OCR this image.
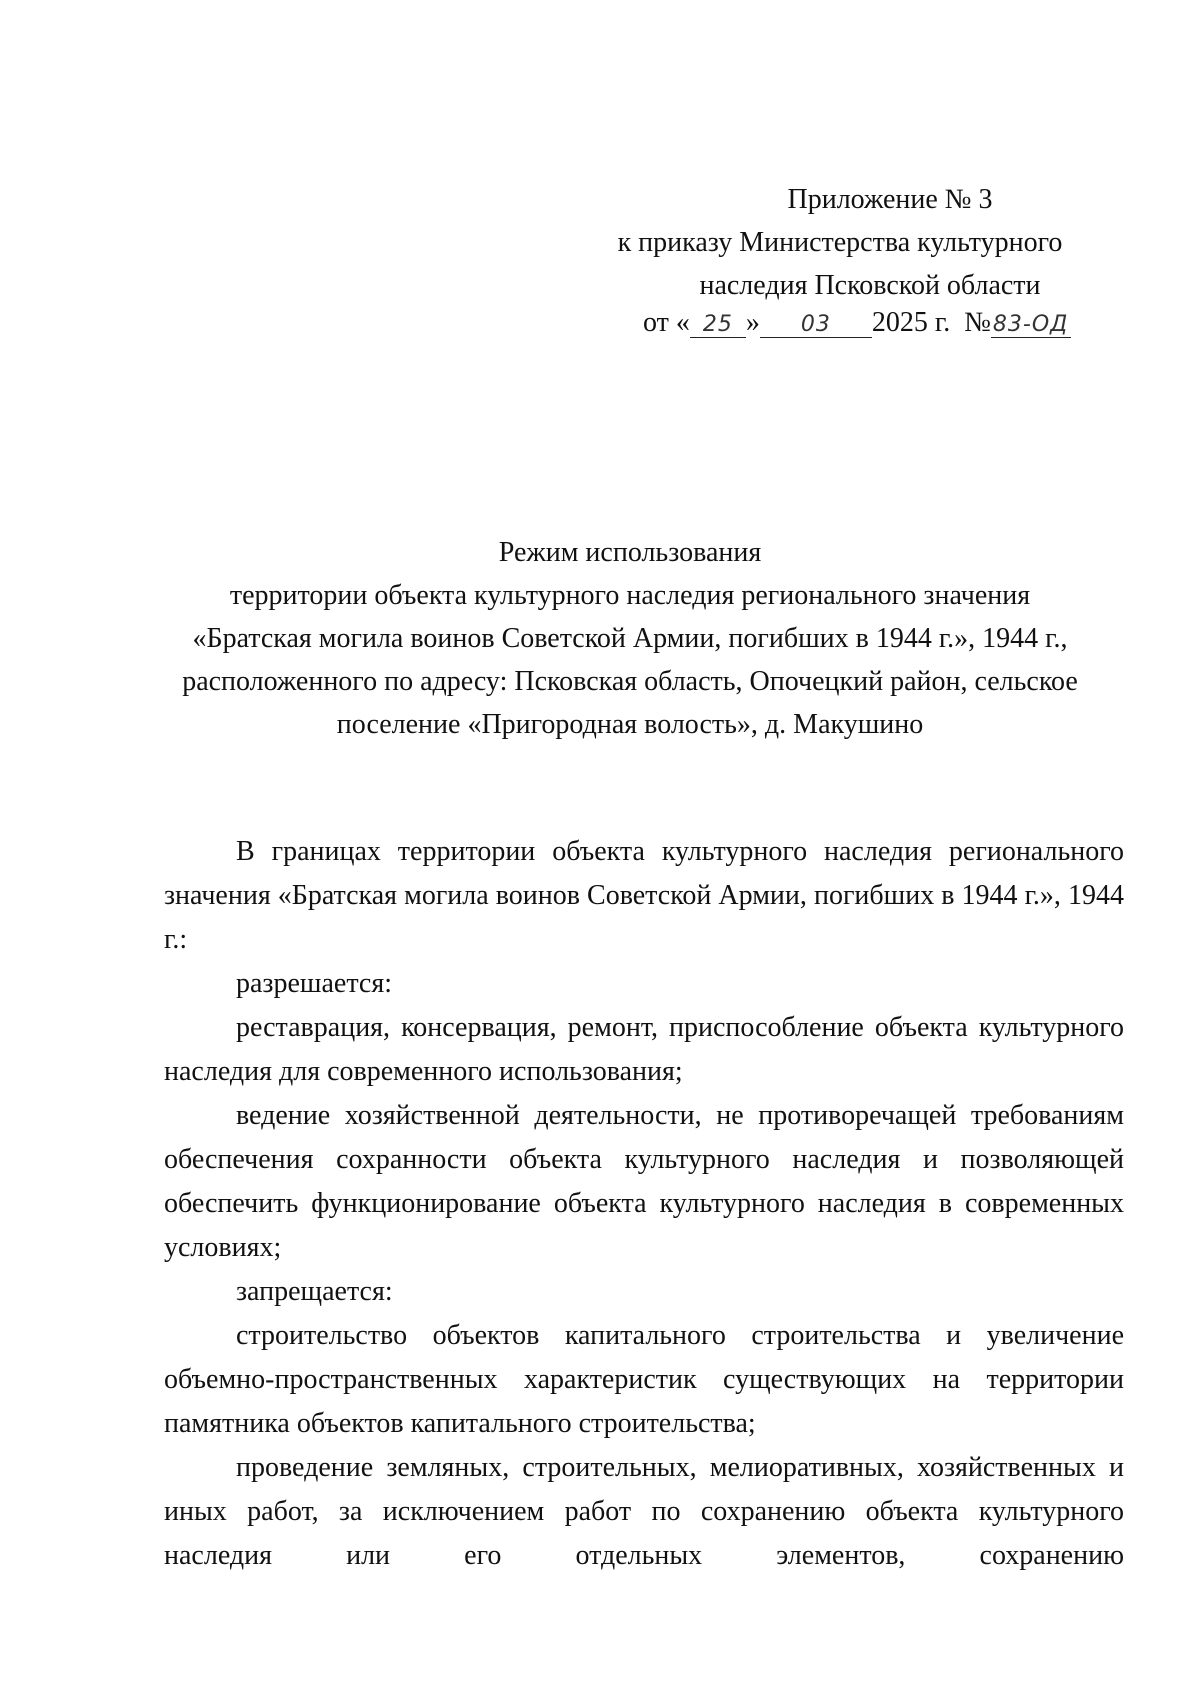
Приложение № 3
к приказу Министерства культурного
наследия Псковской области
от « 25 » 03 2025 г. №83-ОД
Режим использования
территории объекта культурного наследия регионального значения
«Братская могила воинов Советской Армии, погибших в 1944 г.», 1944 г.,
расположенного по адресу: Псковская область, Опочецкий район, сельское
поселение «Пригородная волость», д. Макушино

В границах территории объекта культурного наследия регионального значения «Братская могила воинов Советской Армии, погибших в 1944 г.», 1944 г.:

разрешается:

реставрация, консервация, ремонт, приспособление объекта культурного наследия для современного использования;

ведение хозяйственной деятельности, не противоречащей требованиям обеспечения сохранности объекта культурного наследия и позволяющей обеспечить функционирование объекта культурного наследия в современных условиях;

запрещается:

строительство объектов капитального строительства и увеличение объемно-пространственных характеристик существующих на территории памятника объектов капитального строительства;

проведение земляных, строительных, мелиоративных, хозяйственных и иных работ, за исключением работ по сохранению объекта культурного наследия или его отдельных элементов, сохранению
